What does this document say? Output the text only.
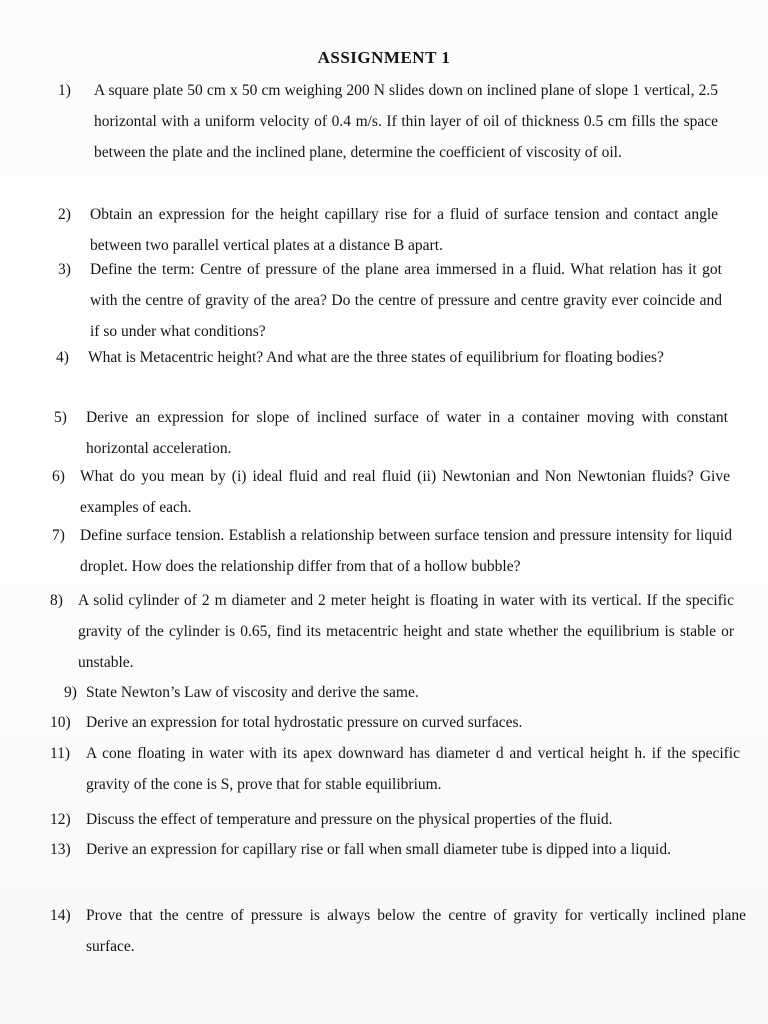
ASSIGNMENT 1
1)	A square plate 50 cm x 50 cm weighing 200 N slides down on inclined plane of slope 1 vertical, 2.5 horizontal with a uniform velocity of 0.4 m/s. If thin layer of oil of thickness 0.5 cm fills the space between the plate and the inclined plane, determine the coefficient of viscosity of oil.
2)	Obtain an expression for the height capillary rise for a fluid of surface tension and contact angle between two parallel vertical plates at a distance B apart.
3)	Define the term: Centre of pressure of the plane area immersed in a fluid. What relation has it got with the centre of gravity of the area? Do the centre of pressure and centre gravity ever coincide and if so under what conditions?
4)	What is Metacentric height? And what are the three states of equilibrium for floating bodies?
5)	Derive an expression for slope of inclined surface of water in a container moving with constant horizontal acceleration.
6) What do you mean by (i) ideal fluid and real fluid (ii) Newtonian and Non Newtonian fluids? Give examples of each.
7) Define surface tension. Establish a relationship between surface tension and pressure intensity for liquid droplet. How does the relationship differ from that of a hollow bubble?
8) A solid cylinder of 2 m diameter and 2 meter height is floating in water with its vertical. If the specific gravity of the cylinder is 0.65, find its metacentric height and state whether the equilibrium is stable or unstable.
9) State Newton’s Law of viscosity and derive the same.
10) Derive an expression for total hydrostatic pressure on curved surfaces.
11)	A cone floating in water with its apex downward has diameter d and vertical height h. if the specific gravity of the cone is S, prove that for stable equilibrium.
12) Discuss the effect of temperature and pressure on the physical properties of the fluid.
13) Derive an expression for capillary rise or fall when small diameter tube is dipped into a liquid.
14) Prove that the centre of pressure is always below the centre of gravity for vertically inclined plane surface.
